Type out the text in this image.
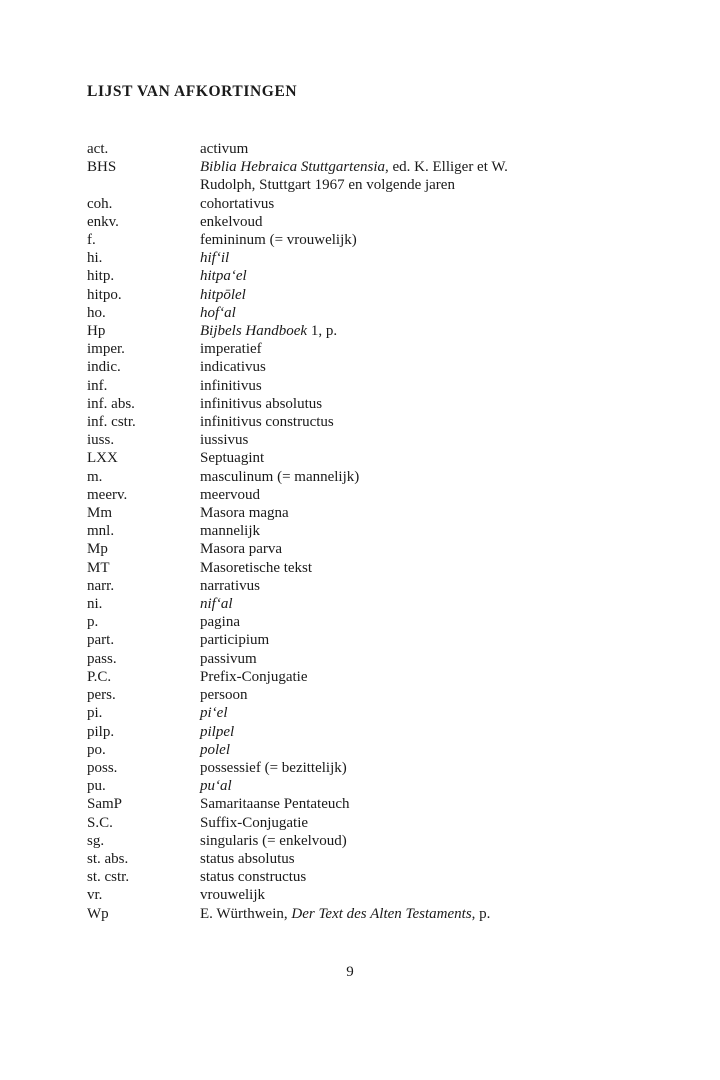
LIJST VAN AFKORTINGEN
act.	activum
BHS	Biblia Hebraica Stuttgartensia, ed. K. Elliger et W.
Rudolph, Stuttgart 1967 en volgende jaren
coh.	cohortativus
enkv.	enkelvoud
f.	femininum (= vrouwelijk)
hi.	hif‘il
hitp.	hitpa‘el
hitpo.	hitpōlel
ho.	hof‘al
Hp	Bijbels Handboek 1, p.
imper.	imperatief
indic.	indicativus
inf.	infinitivus
inf. abs.	infinitivus absolutus
inf. cstr.	infinitivus constructus
iuss.	iussivus
LXX	Septuagint
m.	masculinum (= mannelijk)
meerv.	meervoud
Mm	Masora magna
mnl.	mannelijk
Mp	Masora parva
MT	Masoretische tekst
narr.	narrativus
ni.	nif‘al
p.	pagina
part.	participium
pass.	passivum
P.C.	Prefix-Conjugatie
pers.	persoon
pi.	pi‘el
pilp.	pilpel
po.	polel
poss.	possessief (= bezittelijk)
pu.	pu‘al
SamP	Samaritaanse Pentateuch
S.C.	Suffix-Conjugatie
sg.	singularis (= enkelvoud)
st. abs.	status absolutus
st. cstr.	status constructus
vr.	vrouwelijk
Wp	E. Würthwein, Der Text des Alten Testaments, p.
9
